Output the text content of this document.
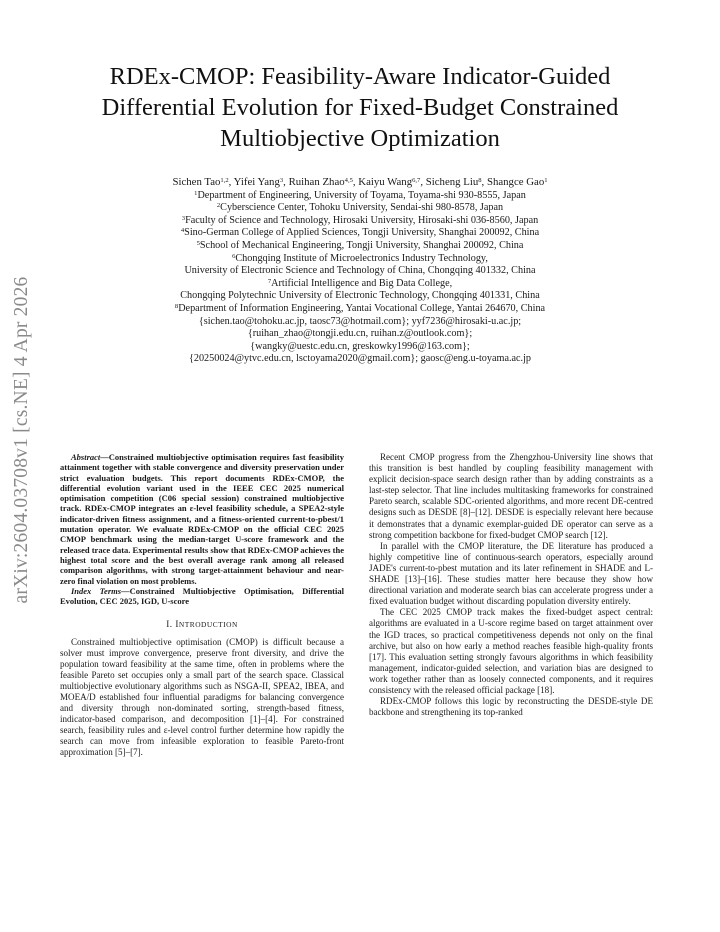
arXiv:2604.03708v1 [cs.NE] 4 Apr 2026
RDEx-CMOP: Feasibility-Aware Indicator-Guided
Differential Evolution for Fixed-Budget Constrained
Multiobjective Optimization
Sichen Tao$^{1,2}$, Yifei Yang$^3$, Ruihan Zhao$^{4,5}$, Kaiyu Wang$^{6,7}$, Sicheng Liu$^8$, Shangce Gao$^1$
$^1$Department of Engineering, University of Toyama, Toyama-shi 930-8555, Japan
$^2$Cyberscience Center, Tohoku University, Sendai-shi 980-8578, Japan
$^3$Faculty of Science and Technology, Hirosaki University, Hirosaki-shi 036-8560, Japan
$^4$Sino-German College of Applied Sciences, Tongji University, Shanghai 200092, China
$^5$School of Mechanical Engineering, Tongji University, Shanghai 200092, China
$^6$Chongqing Institute of Microelectronics Industry Technology,
University of Electronic Science and Technology of China, Chongqing 401332, China
$^7$Artificial Intelligence and Big Data College,
Chongqing Polytechnic University of Electronic Technology, Chongqing 401331, China
$^8$Department of Information Engineering, Yantai Vocational College, Yantai 264670, China
{sichen.tao@tohoku.ac.jp, taosc73@hotmail.com}; yyf7236@hirosaki-u.ac.jp;
{ruihan_zhao@tongji.edu.cn, ruihan.z@outlook.com};
{wangky@uestc.edu.cn, greskowky1996@163.com};
{20250024@ytvc.edu.cn, lsctoyama2020@gmail.com}; gaosc@eng.u-toyama.ac.jp

Abstract—Constrained multiobjective optimisation requires fast feasibility attainment together with stable convergence and diversity preservation under strict evaluation budgets. This report documents RDEx-CMOP, the differential evolution variant used in the IEEE CEC 2025 numerical optimisation competition (C06 special session) constrained multiobjective track. RDEx-CMOP integrates an ε-level feasibility schedule, a SPEA2-style indicator-driven fitness assignment, and a fitness-oriented current-to-pbest/1 mutation operator. We evaluate RDEx-CMOP on the official CEC 2025 CMOP benchmark using the median-target U-score framework and the released trace data. Experimental results show that RDEx-CMOP achieves the highest total score and the best overall average rank among all released comparison algorithms, with strong target-attainment behaviour and near-zero final violation on most problems.

Index Terms—Constrained Multiobjective Optimisation, Differential Evolution, CEC 2025, IGD, U-score

I. INTRODUCTION

Constrained multiobjective optimisation (CMOP) is difficult because a solver must improve convergence, preserve front diversity, and drive the population toward feasibility at the same time, often in problems where the feasible Pareto set occupies only a small part of the search space. Classical multiobjective evolutionary algorithms such as NSGA-II, SPEA2, IBEA, and MOEA/D established four influential paradigms for balancing convergence and diversity through non-dominated sorting, strength-based fitness, indicator-based comparison, and decomposition [1]–[4]. For constrained search, feasibility rules and ε-level control further determine how rapidly the search can move from infeasible exploration to feasible Pareto-front approximation [5]–[7].

Recent CMOP progress from the Zhengzhou-University line shows that this transition is best handled by coupling feasibility management with explicit decision-space search design rather than by adding constraints as a last-step selector. That line includes multitasking frameworks for constrained Pareto search, scalable SDC-oriented algorithms, and more recent DE-centred designs such as DESDE [8]–[12]. DESDE is especially relevant here because it demonstrates that a dynamic exemplar-guided DE operator can serve as a strong competition backbone for fixed-budget CMOP search [12].

In parallel with the CMOP literature, the DE literature has produced a highly competitive line of continuous-search operators, especially around JADE's current-to-pbest mutation and its later refinement in SHADE and L-SHADE [13]–[16]. These studies matter here because they show how directional variation and moderate search bias can accelerate progress under a fixed evaluation budget without discarding population diversity entirely.

The CEC 2025 CMOP track makes the fixed-budget aspect central: algorithms are evaluated in a U-score regime based on target attainment over the IGD traces, so practical competitiveness depends not only on the final archive, but also on how early a method reaches feasible high-quality fronts [17]. This evaluation setting strongly favours algorithms in which feasibility management, indicator-guided selection, and variation bias are designed to work together rather than as loosely connected components, and it requires consistency with the released official package [18].

RDEx-CMOP follows this logic by reconstructing the DESDE-style DE backbone and strengthening its top-ranked
